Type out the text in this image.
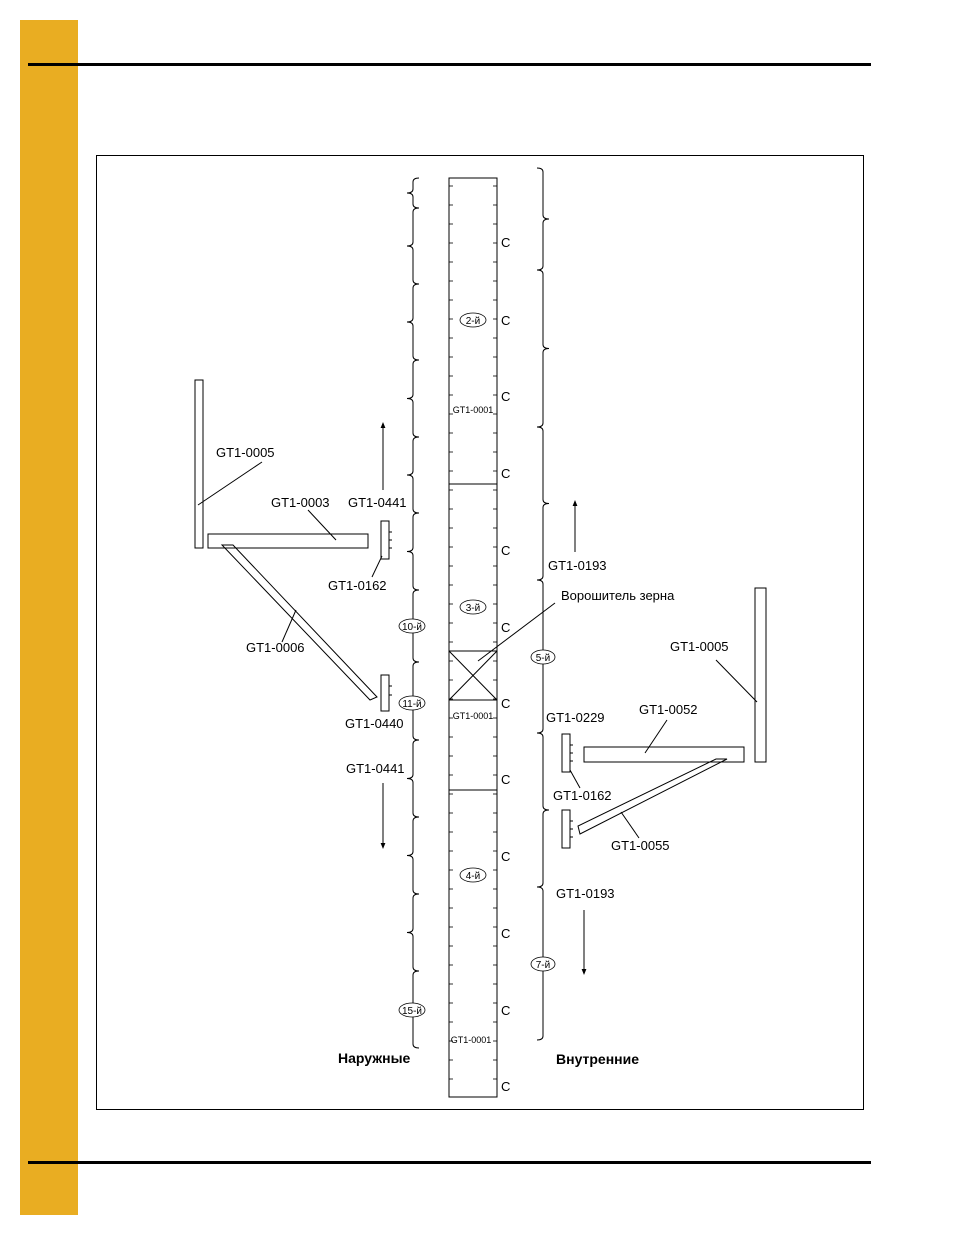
C
C
C
C
C
C
C
C
C
C
C
C
GT1-0001
GT1-0001
GT1-0001
2-й
3-й
4-й
10-й
11-й
15-й
5-й
7-й
GT1-0005
GT1-0003
GT1-0006
GT1-0162
GT1-0440
GT1-0441
GT1-0441
Наружные
Ворошитель зерна
GT1-0193
GT1-0005
GT1-0052
GT1-0055
GT1-0229
GT1-0162
GT1-0193
Внутренние
